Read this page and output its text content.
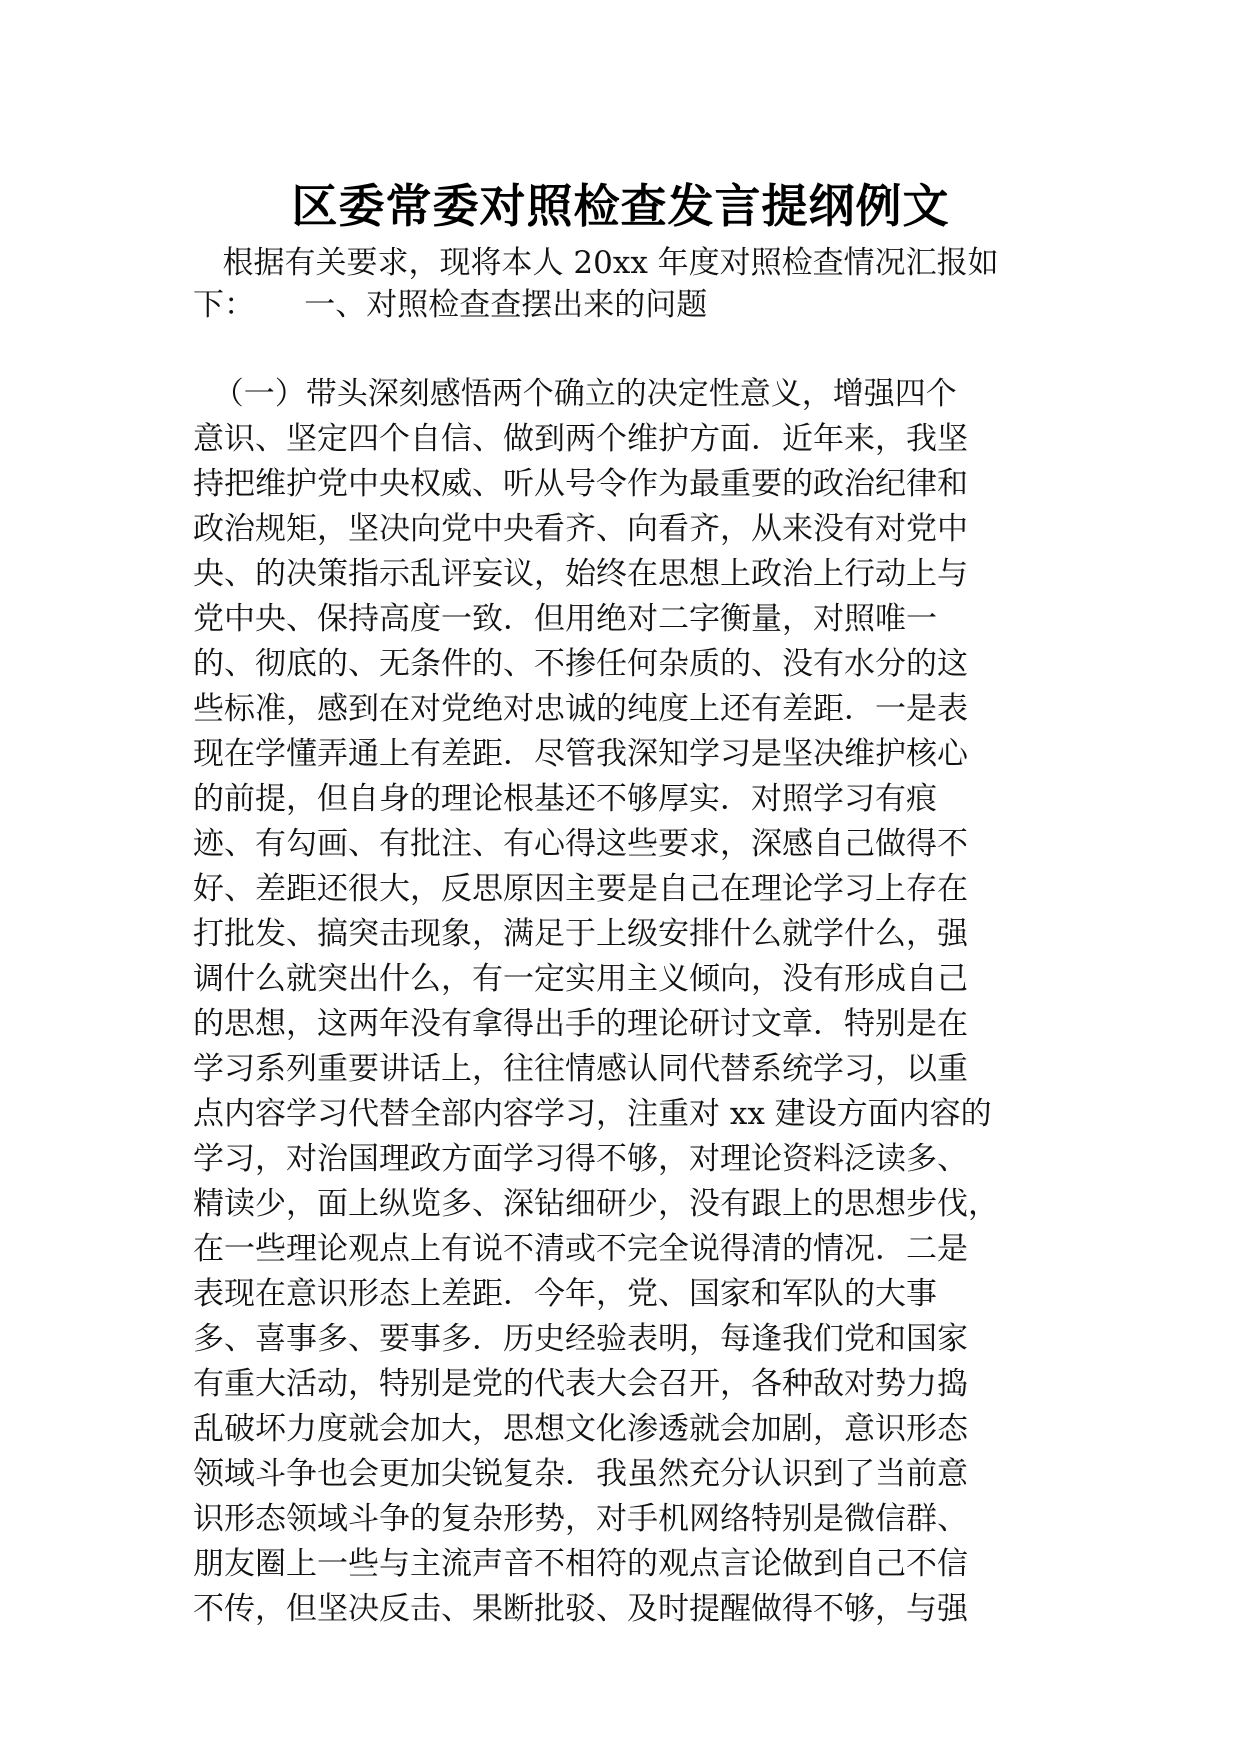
区委常委对照检查发言提纲例文
根据有关要求，现将本人 20xx 年度对照检查情况汇报如
下：     一、对照检查查摆出来的问题
（一）带头深刻感悟两个确立的决定性意义，增强四个
意识、坚定四个自信、做到两个维护方面．近年来，我坚
持把维护党中央权威、听从号令作为最重要的政治纪律和
政治规矩，坚决向党中央看齐、向看齐，从来没有对党中
央、的决策指示乱评妄议，始终在思想上政治上行动上与
党中央、保持高度一致．但用绝对二字衡量，对照唯一
的、彻底的、无条件的、不掺任何杂质的、没有水分的这
些标准，感到在对党绝对忠诚的纯度上还有差距．一是表
现在学懂弄通上有差距．尽管我深知学习是坚决维护核心
的前提，但自身的理论根基还不够厚实．对照学习有痕
迹、有勾画、有批注、有心得这些要求，深感自己做得不
好、差距还很大，反思原因主要是自己在理论学习上存在
打批发、搞突击现象，满足于上级安排什么就学什么，强
调什么就突出什么，有一定实用主义倾向，没有形成自己
的思想，这两年没有拿得出手的理论研讨文章．特别是在
学习系列重要讲话上，往往情感认同代替系统学习，以重
点内容学习代替全部内容学习，注重对 xx 建设方面内容的
学习，对治国理政方面学习得不够，对理论资料泛读多、
精读少，面上纵览多、深钻细研少，没有跟上的思想步伐，
在一些理论观点上有说不清或不完全说得清的情况．二是
表现在意识形态上差距．今年，党、国家和军队的大事
多、喜事多、要事多．历史经验表明，每逢我们党和国家
有重大活动，特别是党的代表大会召开，各种敌对势力捣
乱破坏力度就会加大，思想文化渗透就会加剧，意识形态
领域斗争也会更加尖锐复杂．我虽然充分认识到了当前意
识形态领域斗争的复杂形势，对手机网络特别是微信群、
朋友圈上一些与主流声音不相符的观点言论做到自己不信
不传，但坚决反击、果断批驳、及时提醒做得不够，与强
